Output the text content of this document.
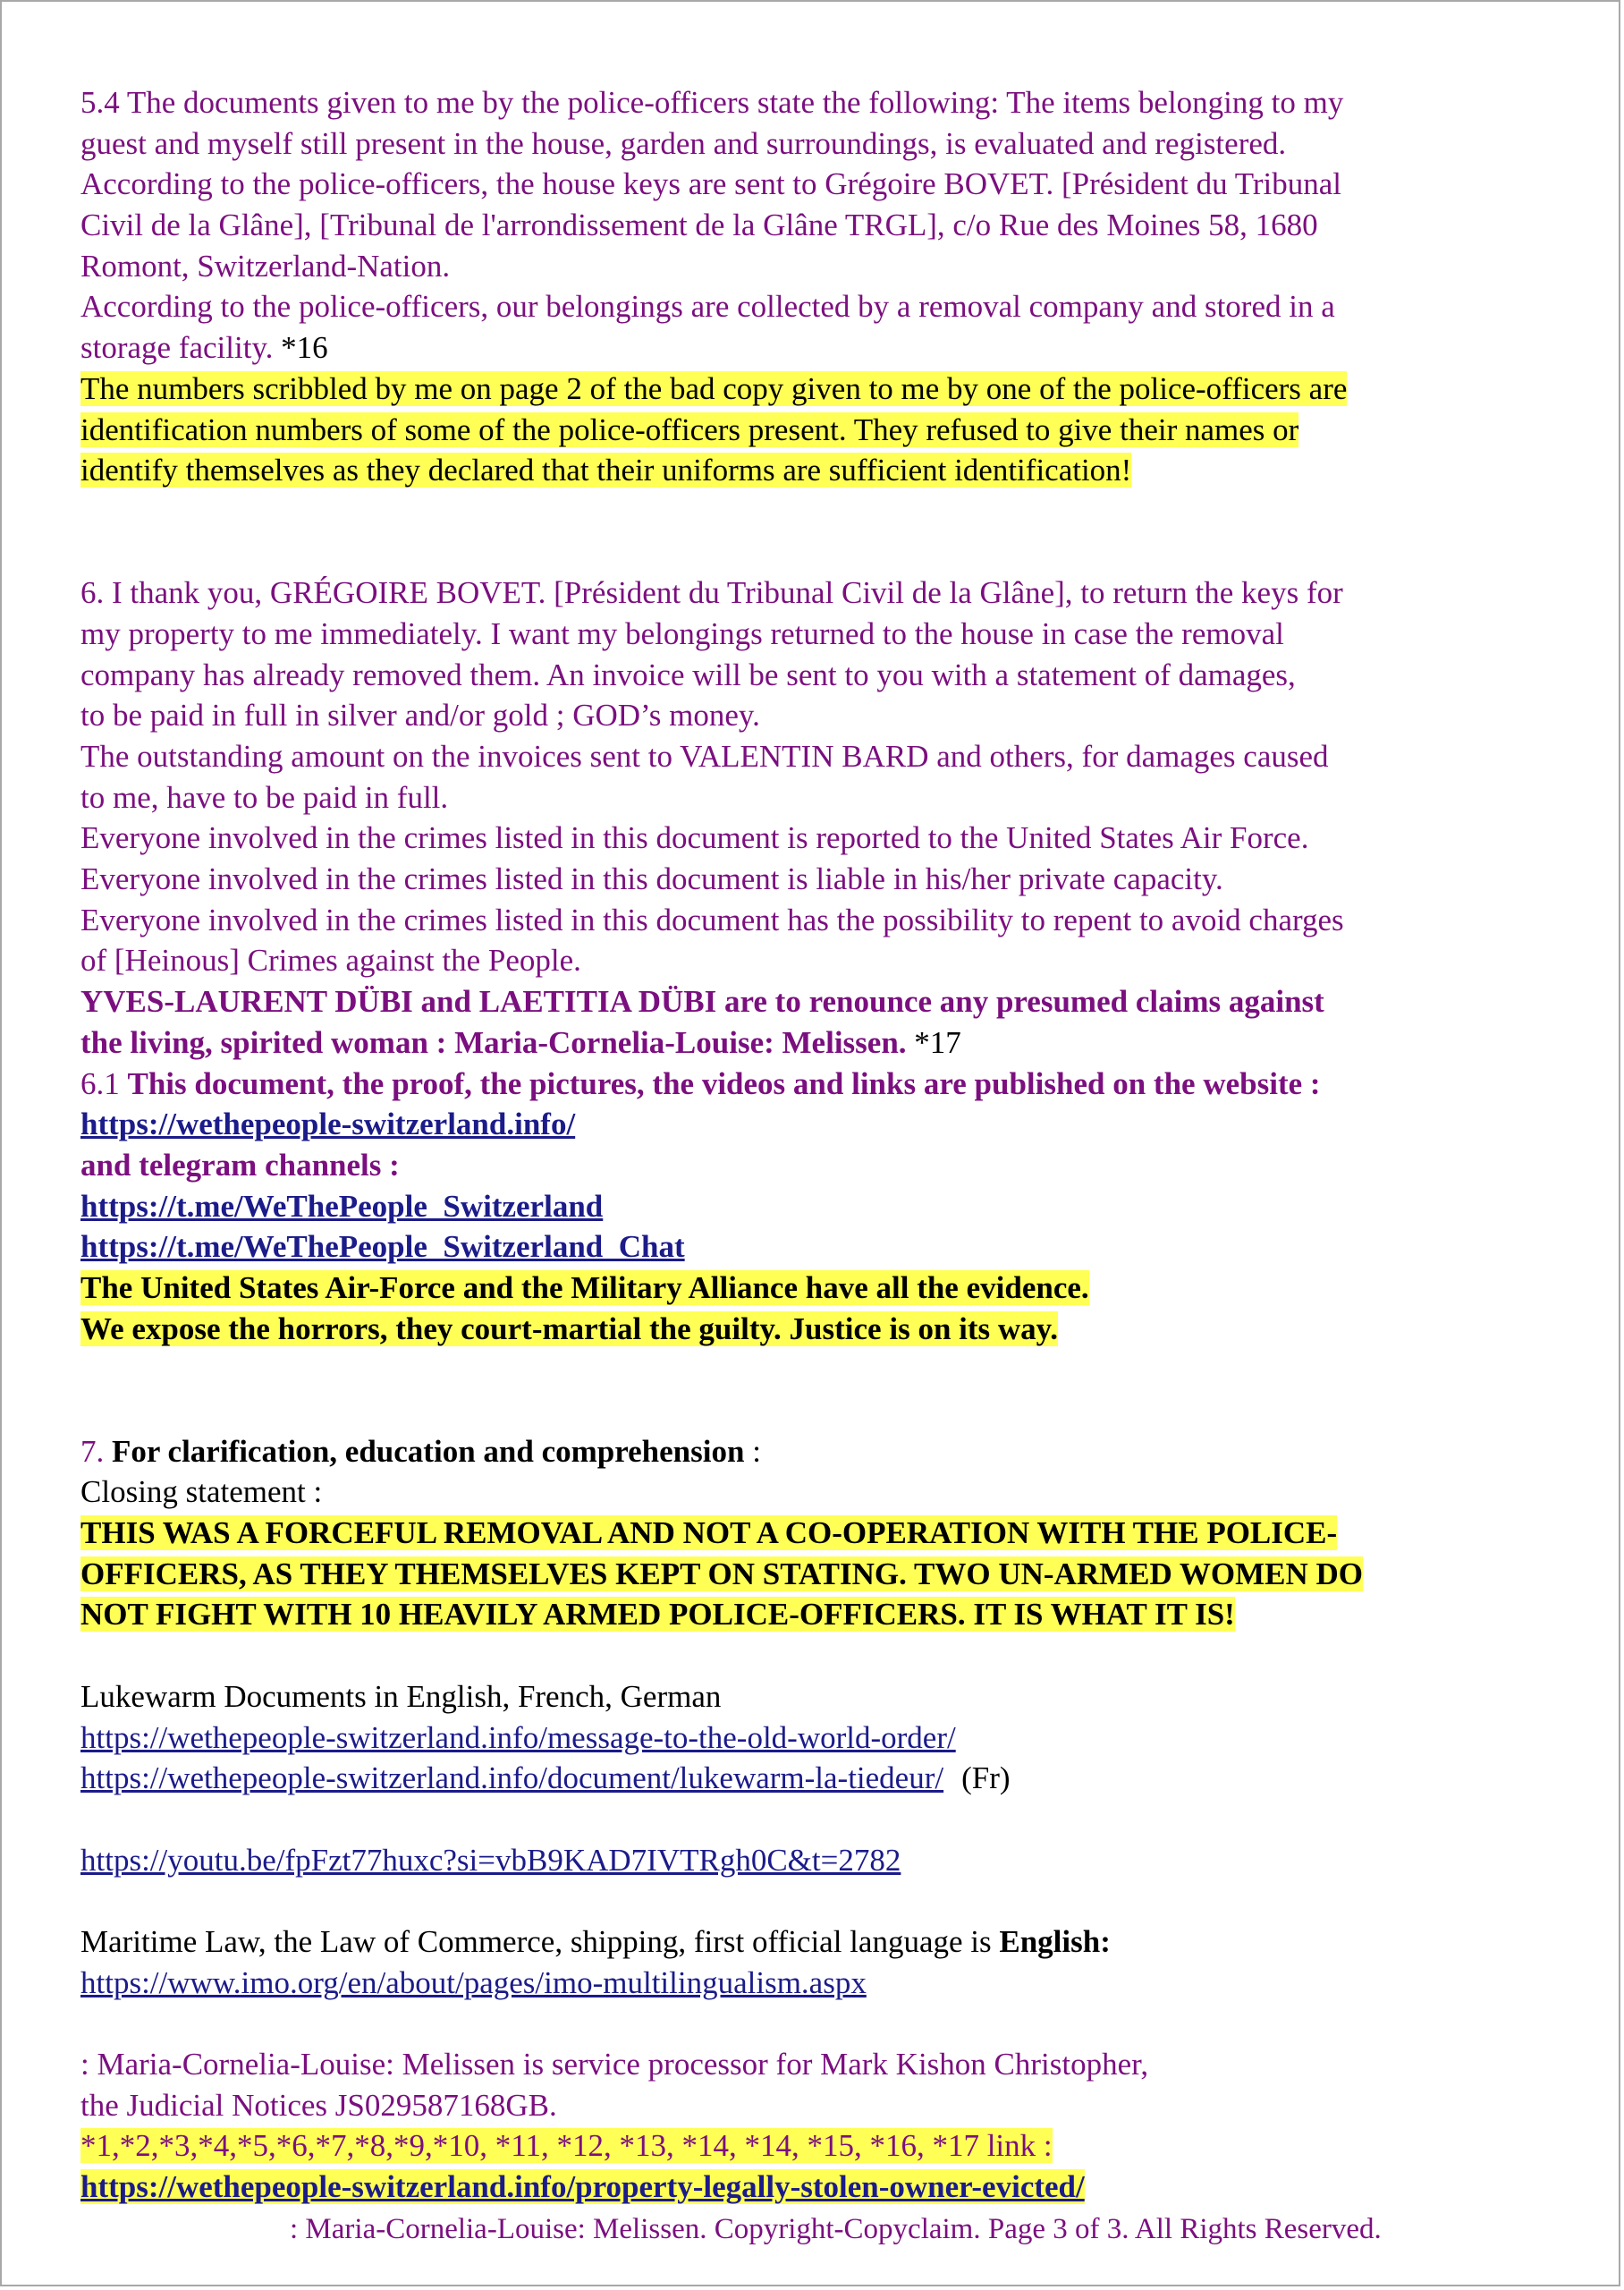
5.4 The documents given to me by the police-officers state the following: The items belonging to my
guest and myself still present in the house, garden and surroundings, is evaluated and registered.
According to the police-officers, the house keys are sent to Grégoire BOVET. [Président du Tribunal
Civil de la Glâne], [Tribunal de l'arrondissement de la Glâne TRGL], c/o Rue des Moines 58, 1680
Romont, Switzerland-Nation.
According to the police-officers, our belongings are collected by a removal company and stored in a
storage facility. *16
The numbers scribbled by me on page 2 of the bad copy given to me by one of the police-officers are
identification numbers of some of the police-officers present. They refused to give their names or
identify themselves as they declared that their uniforms are sufficient identification!
6. I thank you, GRÉGOIRE BOVET. [Président du Tribunal Civil de la Glâne], to return the keys for
my property to me immediately. I want my belongings returned to the house in case the removal
company has already removed them. An invoice will be sent to you with a statement of damages,
to be paid in full in silver and/or gold ; GOD’s money.
The outstanding amount on the invoices sent to VALENTIN BARD and others, for damages caused
to me, have to be paid in full.
Everyone involved in the crimes listed in this document is reported to the United States Air Force.
Everyone involved in the crimes listed in this document is liable in his/her private capacity.
Everyone involved in the crimes listed in this document has the possibility to repent to avoid charges
of [Heinous] Crimes against the People.
YVES-LAURENT DÜBI and LAETITIA DÜBI are to renounce any presumed claims against
the living, spirited woman : Maria-Cornelia-Louise: Melissen. *17
6.1 This document, the proof, the pictures, the videos and links are published on the website :
https://wethepeople-switzerland.info/
and telegram channels :
https://t.me/WeThePeople_Switzerland
https://t.me/WeThePeople_Switzerland_Chat
The United States Air-Force and the Military Alliance have all the evidence.
We expose the horrors, they court-martial the guilty. Justice is on its way.
7. For clarification, education and comprehension :
Closing statement :
THIS WAS A FORCEFUL REMOVAL AND NOT A CO-OPERATION WITH THE POLICE-
OFFICERS, AS THEY THEMSELVES KEPT ON STATING. TWO UN-ARMED WOMEN DO
NOT FIGHT WITH 10 HEAVILY ARMED POLICE-OFFICERS. IT IS WHAT IT IS!
Lukewarm Documents in English, French, German
https://wethepeople-switzerland.info/message-to-the-old-world-order/
https://wethepeople-switzerland.info/document/lukewarm-la-tiedeur/ (Fr)
https://youtu.be/fpFzt77huxc?si=vbB9KAD7IVTRgh0C&t=2782
Maritime Law, the Law of Commerce, shipping, first official language is English:
https://www.imo.org/en/about/pages/imo-multilingualism.aspx
: Maria-Cornelia-Louise: Melissen is service processor for Mark Kishon Christopher,
the Judicial Notices JS029587168GB.
*1,*2,*3,*4,*5,*6,*7,*8,*9,*10, *11, *12, *13, *14, *14, *15, *16, *17 link :
https://wethepeople-switzerland.info/property-legally-stolen-owner-evicted/
: Maria-Cornelia-Louise: Melissen. Copyright-Copyclaim. Page 3 of 3. All Rights Reserved.
